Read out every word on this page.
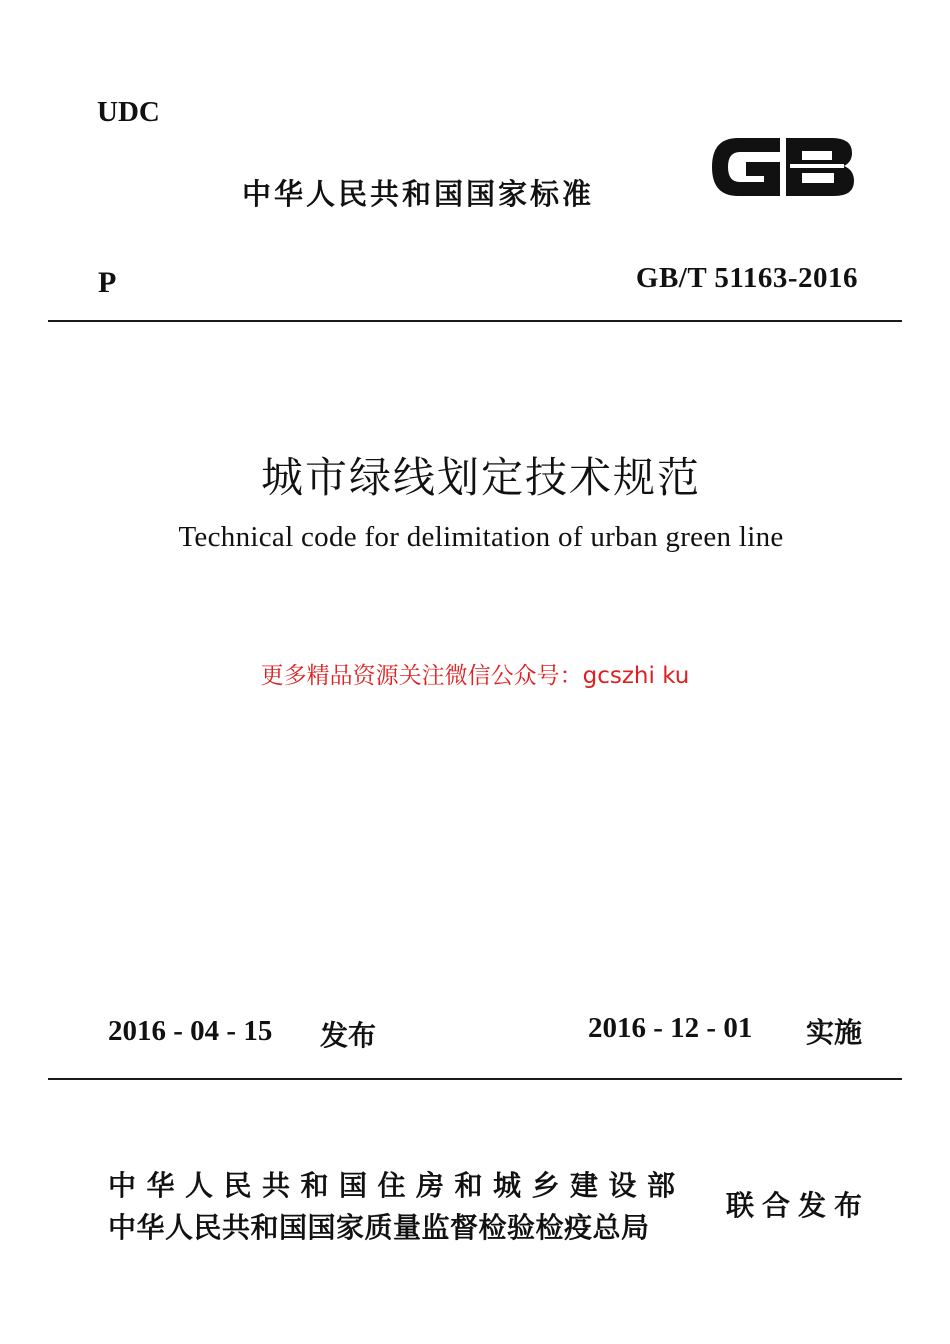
UDC
中华人民共和国国家标准
P	GB/T 51163-2016
城市绿线划定技术规范
Technical code for delimitation of urban green line
更多精品资源关注微信公众号：gcszhi ku
2016 - 04 - 15 发布	2016 - 12 - 01 实施
中华人民共和国住房和城乡建设部
中华人民共和国国家质量监督检验检疫总局
联合发布
